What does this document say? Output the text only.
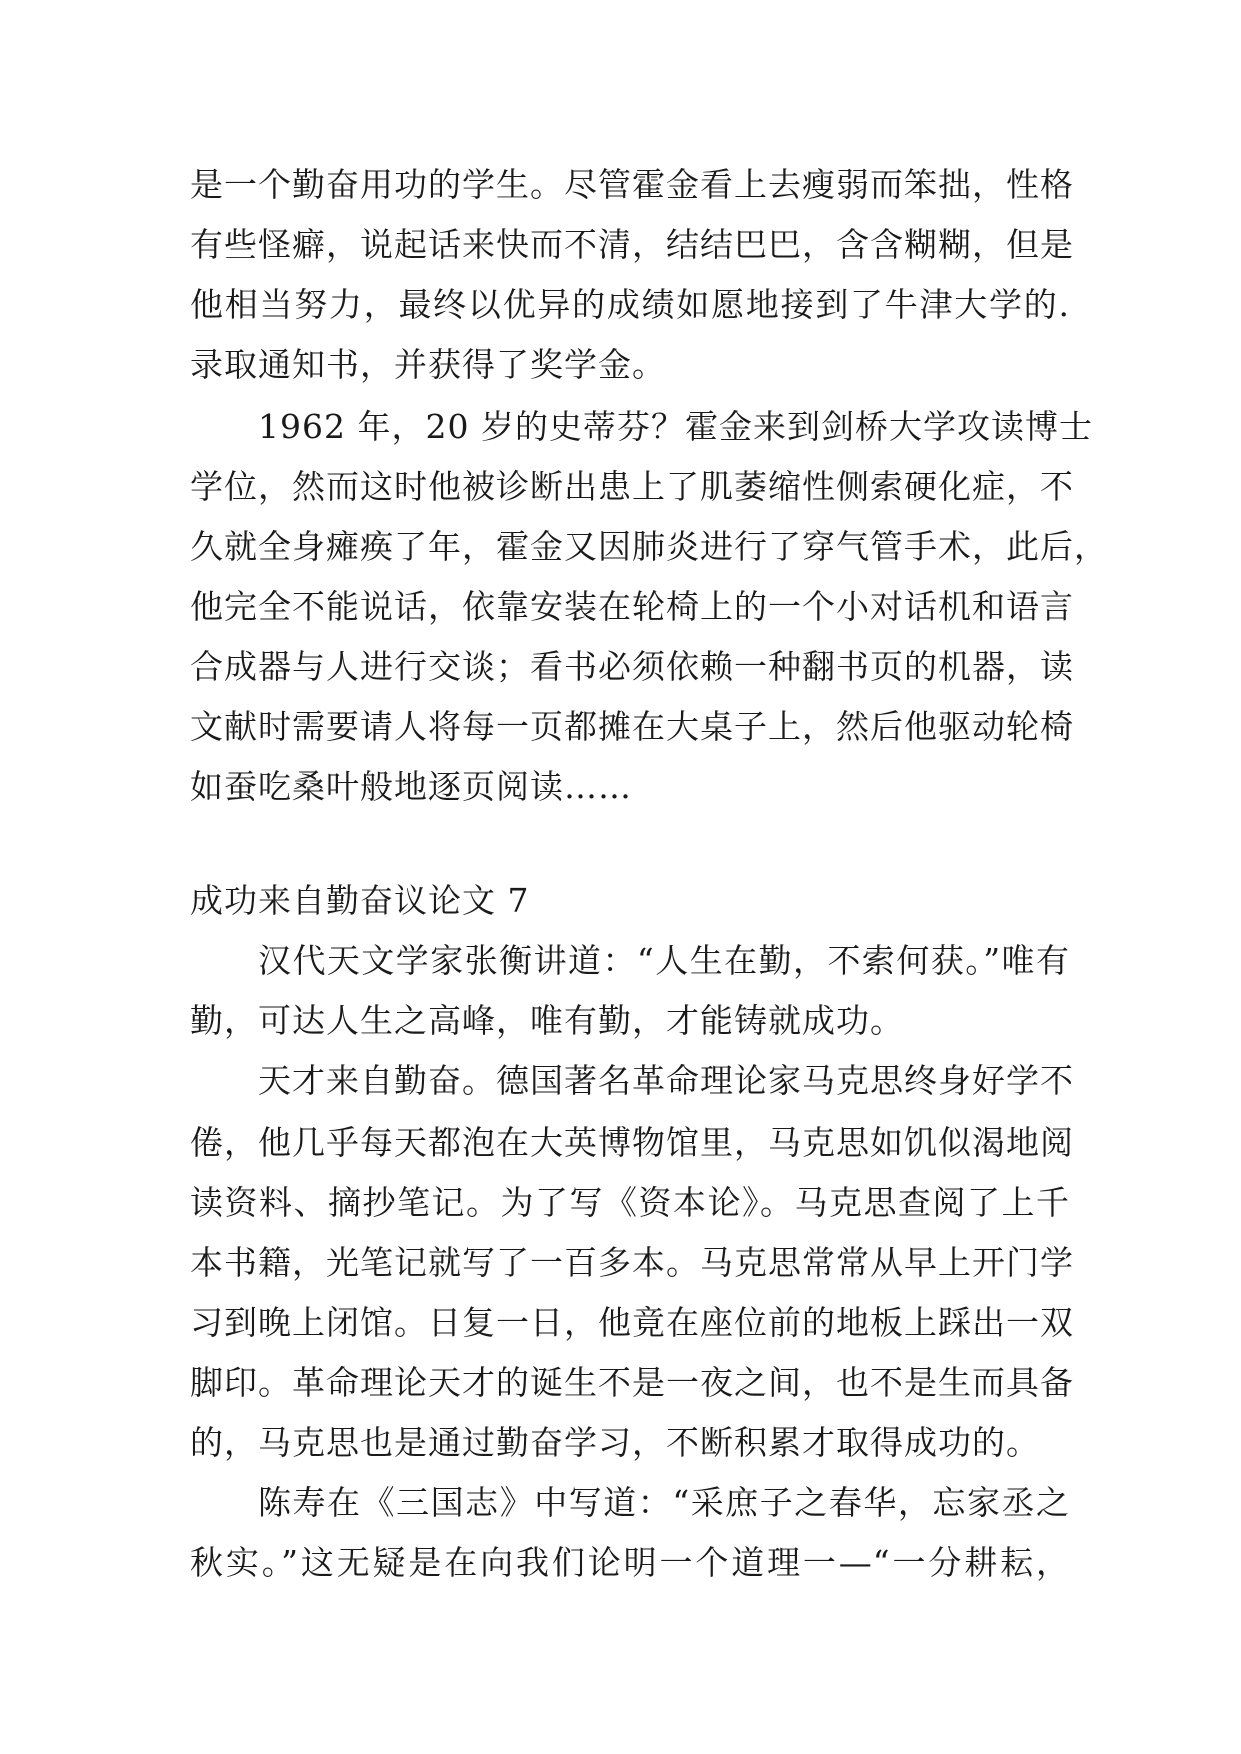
是一个勤奋用功的学生。尽管霍金看上去瘦弱而笨拙，性格
有些怪癖，说起话来快而不清，结结巴巴，含含糊糊，但是
他相当努力，最终以优异的成绩如愿地接到了牛津大学的.
录取通知书，并获得了奖学金。
1962 年，20 岁的史蒂芬？霍金来到剑桥大学攻读博士
学位，然而这时他被诊断出患上了肌萎缩性侧索硬化症，不
久就全身瘫痪了年，霍金又因肺炎进行了穿气管手术，此后，
他完全不能说话，依靠安装在轮椅上的一个小对话机和语言
合成器与人进行交谈；看书必须依赖一种翻书页的机器，读
文献时需要请人将每一页都摊在大桌子上，然后他驱动轮椅
如蚕吃桑叶般地逐页阅读……
成功来自勤奋议论文 7
汉代天文学家张衡讲道：“人生在勤，不索何获。”唯有
勤，可达人生之高峰，唯有勤，才能铸就成功。
天才来自勤奋。德国著名革命理论家马克思终身好学不
倦，他几乎每天都泡在大英博物馆里，马克思如饥似渴地阅
读资料、摘抄笔记。为了写《资本论》。马克思查阅了上千
本书籍，光笔记就写了一百多本。马克思常常从早上开门学
习到晚上闭馆。日复一日，他竟在座位前的地板上踩出一双
脚印。革命理论天才的诞生不是一夜之间，也不是生而具备
的，马克思也是通过勤奋学习，不断积累才取得成功的。
陈寿在《三国志》中写道：“采庶子之春华，忘家丞之
秋实。”这无疑是在向我们论明一个道理一—“一分耕耘，
